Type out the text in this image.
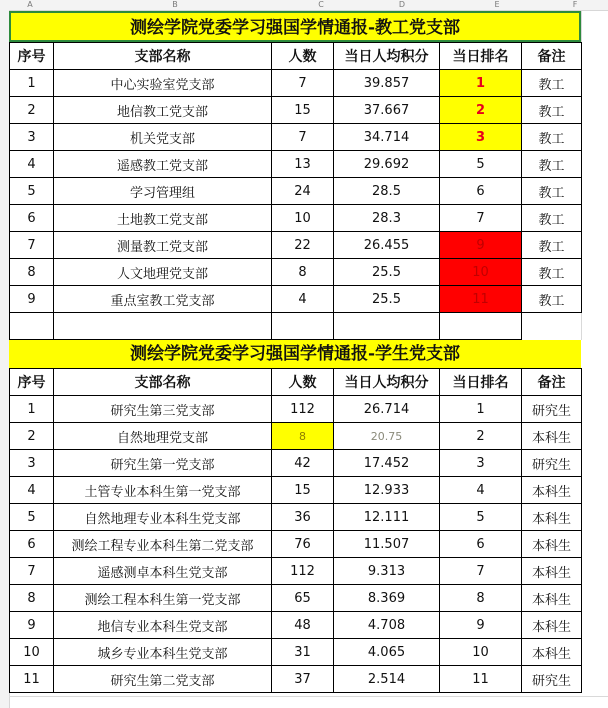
A	B	C	D	E	F
测绘学院党委学习强国学情通报-教工党支部
序号	支部名称	人数	当日人均积分	当日排名	备注
1	中心实验室党支部	7	39.857	1	教工
2	地信教工党支部	15	37.667	2	教工
3	机关党支部	7	34.714	3	教工
4	遥感教工党支部	13	29.692	5	教工
5	学习管理组	24	28.5	6	教工
6	土地教工党支部	10	28.3	7	教工
7	测量教工党支部	22	26.455	9	教工
8	人文地理党支部	8	25.5	10	教工
9	重点室教工党支部	4	25.5	11	教工

测绘学院党委学习强国学情通报-学生党支部
序号	支部名称	人数	当日人均积分	当日排名	备注
1	研究生第三党支部	112	26.714	1	研究生
2	自然地理党支部	8	20.75	2	本科生
3	研究生第一党支部	42	17.452	3	研究生
4	土管专业本科生第一党支部	15	12.933	4	本科生
5	自然地理专业本科生党支部	36	12.111	5	本科生
6	测绘工程专业本科生第二党支部	76	11.507	6	本科生
7	遥感测卓本科生党支部	112	9.313	7	本科生
8	测绘工程本科生第一党支部	65	8.369	8	本科生
9	地信专业本科生党支部	48	4.708	9	本科生
10	城乡专业本科生党支部	31	4.065	10	本科生
11	研究生第二党支部	37	2.514	11	研究生
